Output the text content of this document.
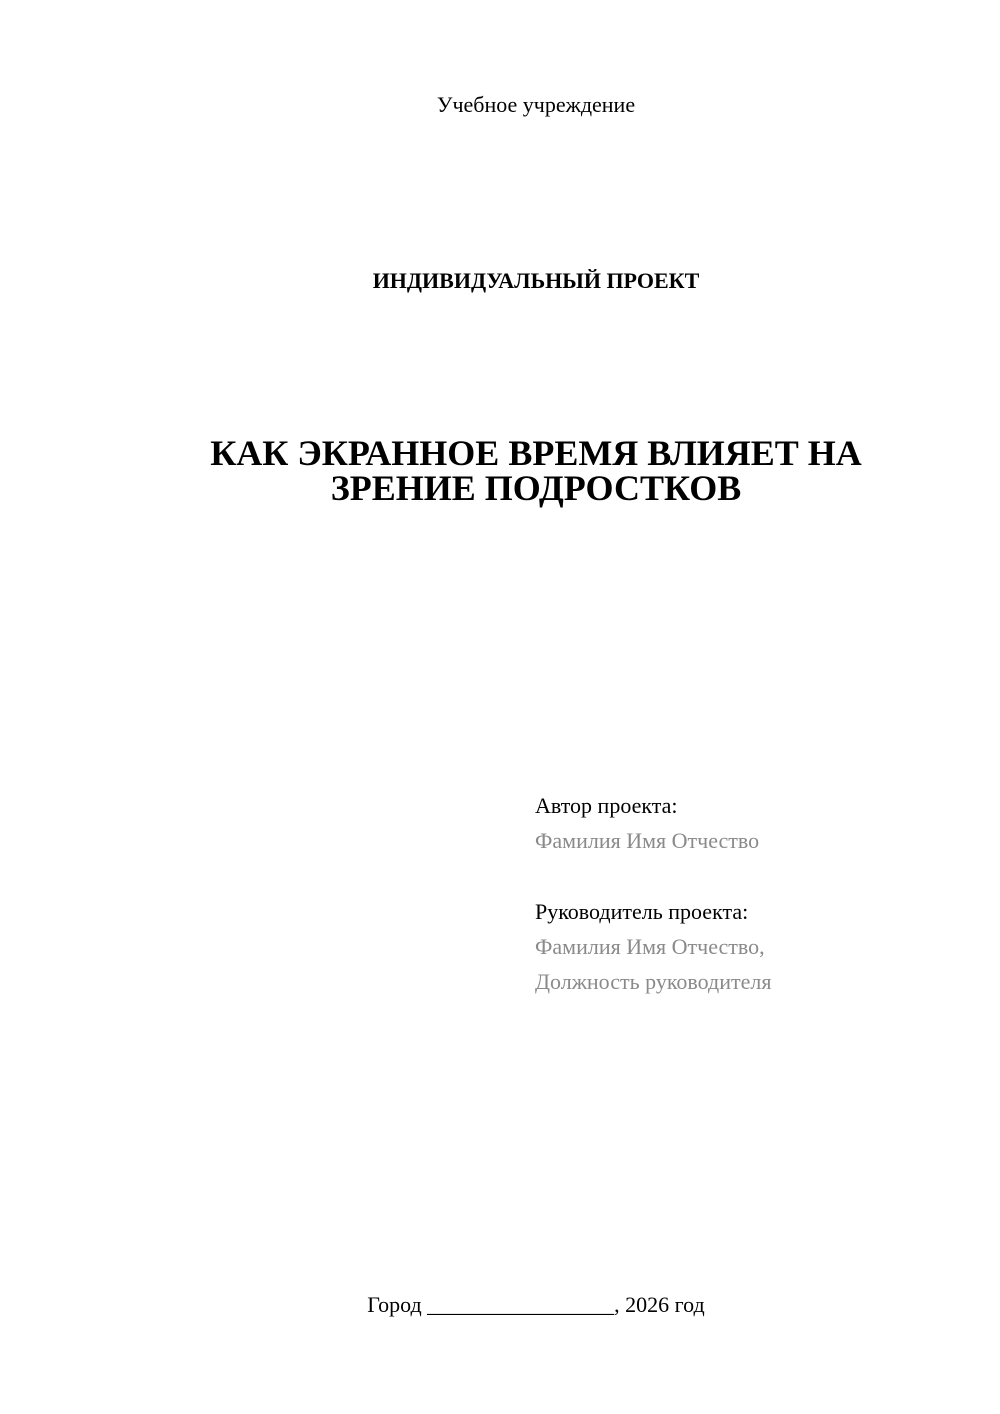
Учебное учреждение
ИНДИВИДУАЛЬНЫЙ ПРОЕКТ
КАК ЭКРАННОЕ ВРЕМЯ ВЛИЯЕТ НА
ЗРЕНИЕ ПОДРОСТКОВ
Автор проекта:
Фамилия Имя Отчество
Руководитель проекта:
Фамилия Имя Отчество,
Должность руководителя
Город _________________, 2026 год
